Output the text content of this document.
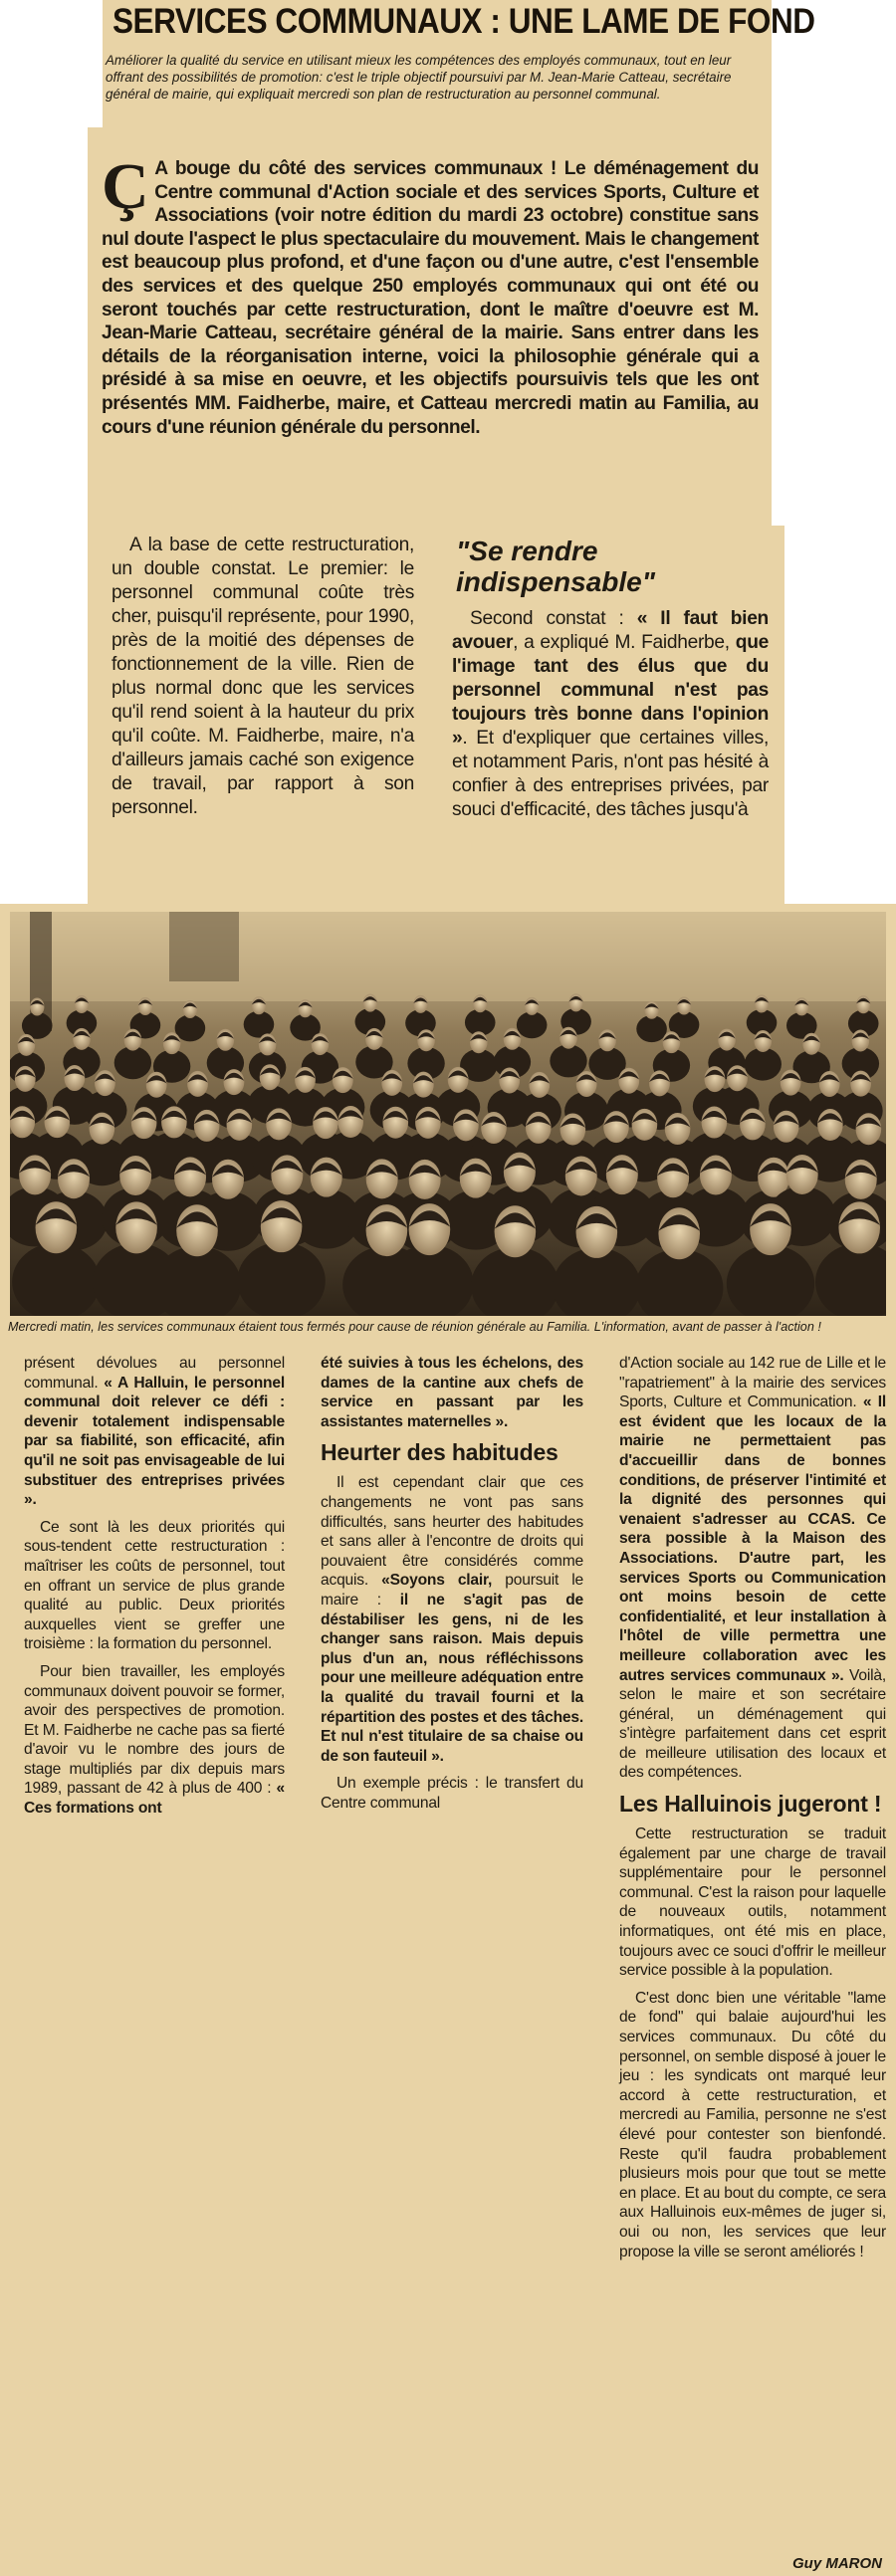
SERVICES COMMUNAUX : UNE LAME DE FOND

Améliorer la qualité du service en utilisant mieux les compétences des employés communaux, tout en leur offrant des possibilités de promotion: c'est le triple objectif poursuivi par M. Jean-Marie Catteau, secrétaire général de mairie, qui expliquait mercredi son plan de restructuration au personnel communal.

Ç A bouge du côté des services communaux ! Le déménagement du Centre communal d'Action sociale et des services Sports, Culture et Associations (voir notre édition du mardi 23 octobre) constitue sans nul doute l'aspect le plus spectaculaire du mouvement. Mais le changement est beaucoup plus profond, et d'une façon ou d'une autre, c'est l'ensemble des services et des quelque 250 employés communaux qui ont été ou seront touchés par cette restructuration, dont le maître d'oeuvre est M. Jean-Marie Catteau, secrétaire général de la mairie. Sans entrer dans les détails de la réorganisation interne, voici la philosophie générale qui a présidé à sa mise en oeuvre, et les objectifs poursuivis tels que les ont présentés MM. Faidherbe, maire, et Catteau mercredi matin au Familia, au cours d'une réunion générale du personnel.

A la base de cette restructuration, un double constat. Le premier: le personnel communal coûte très cher, puisqu'il représente, pour 1990, près de la moitié des dépenses de fonctionnement de la ville. Rien de plus normal donc que les services qu'il rend soient à la hauteur du prix qu'il coûte. M. Faidherbe, maire, n'a d'ailleurs jamais caché son exigence de travail, par rapport à son personnel.

"Se rendre indispensable"

Second constat : « Il faut bien avouer, a expliqué M. Faidherbe, que l'image tant des élus que du personnel communal n'est pas toujours très bonne dans l'opinion ». Et d'expliquer que certaines villes, et notamment Paris, n'ont pas hésité à confier à des entreprises privées, par souci d'efficacité, des tâches jusqu'à

Mercredi matin, les services communaux étaient tous fermés pour cause de réunion générale au Familia. L'information, avant de passer à l'action !

présent dévolues au personnel communal. « A Halluin, le personnel communal doit relever ce défi : devenir totalement indispensable par sa fiabilité, son efficacité, afin qu'il ne soit pas envisageable de lui substituer des entreprises privées ».

Ce sont là les deux priorités qui sous-tendent cette restructuration : maîtriser les coûts de personnel, tout en offrant un service de plus grande qualité au public. Deux priorités auxquelles vient se greffer une troisième : la formation du personnel.

Pour bien travailler, les employés communaux doivent pouvoir se former, avoir des perspectives de promotion. Et M. Faidherbe ne cache pas sa fierté d'avoir vu le nombre des jours de stage multipliés par dix depuis mars 1989, passant de 42 à plus de 400 : « Ces formations ont

été suivies à tous les échelons, des dames de la cantine aux chefs de service en passant par les assistantes maternelles ».

Heurter des habitudes

Il est cependant clair que ces changements ne vont pas sans difficultés, sans heurter des habitudes et sans aller à l'encontre de droits qui pouvaient être considérés comme acquis. «Soyons clair, poursuit le maire : il ne s'agit pas de déstabiliser les gens, ni de les changer sans raison. Mais depuis plus d'un an, nous réfléchissons pour une meilleure adéquation entre la qualité du travail fourni et la répartition des postes et des tâches. Et nul n'est titulaire de sa chaise ou de son fauteuil ».

Un exemple précis : le transfert du Centre communal

d'Action sociale au 142 rue de Lille et le "rapatriement" à la mairie des services Sports, Culture et Communication. « Il est évident que les locaux de la mairie ne permettaient pas d'accueillir dans de bonnes conditions, de préserver l'intimité et la dignité des personnes qui venaient s'adresser au CCAS. Ce sera possible à la Maison des Associations. D'autre part, les services Sports ou Communication ont moins besoin de cette confidentialité, et leur installation à l'hôtel de ville permettra une meilleure collaboration avec les autres services communaux ». Voilà, selon le maire et son secrétaire général, un déménagement qui s'intègre parfaitement dans cet esprit de meilleure utilisation des locaux et des compétences.

Les Halluinois jugeront !

Cette restructuration se traduit également par une charge de travail supplémentaire pour le personnel communal. C'est la raison pour laquelle de nouveaux outils, notamment informatiques, ont été mis en place, toujours avec ce souci d'offrir le meilleur service possible à la population.

C'est donc bien une véritable "lame de fond" qui balaie aujourd'hui les services communaux. Du côté du personnel, on semble disposé à jouer le jeu : les syndicats ont marqué leur accord à cette restructuration, et mercredi au Familia, personne ne s'est élevé pour contester son bienfondé. Reste qu'il faudra probablement plusieurs mois pour que tout se mette en place. Et au bout du compte, ce sera aux Halluinois eux-mêmes de juger si, oui ou non, les services que leur propose la ville se seront améliorés !

Guy MARON
